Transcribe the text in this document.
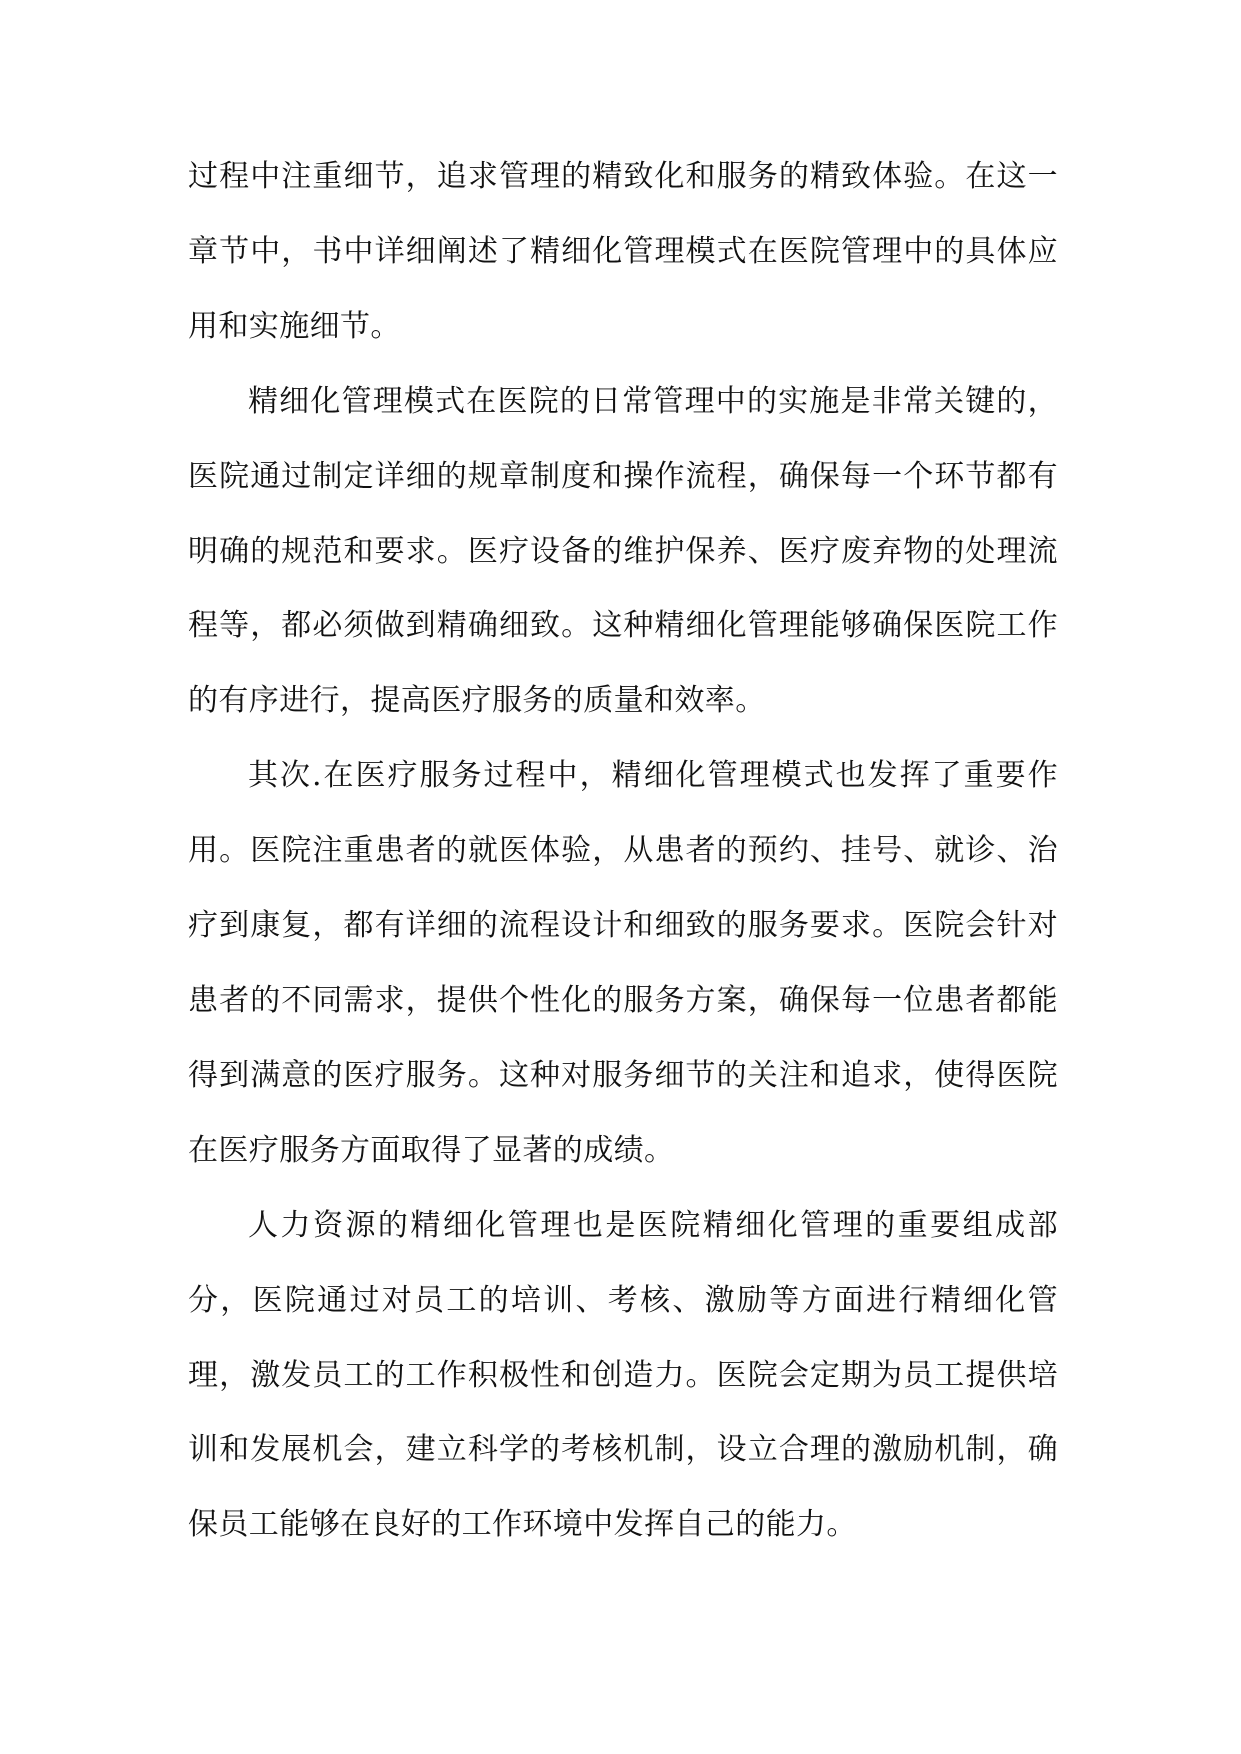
过程中注重细节，追求管理的精致化和服务的精致体验。在这一章节中，书中详细阐述了精细化管理模式在医院管理中的具体应用和实施细节。

精细化管理模式在医院的日常管理中的实施是非常关键的，医院通过制定详细的规章制度和操作流程，确保每一个环节都有明确的规范和要求。医疗设备的维护保养、医疗废弃物的处理流程等，都必须做到精确细致。这种精细化管理能够确保医院工作的有序进行，提高医疗服务的质量和效率。

其次.在医疗服务过程中，精细化管理模式也发挥了重要作用。医院注重患者的就医体验，从患者的预约、挂号、就诊、治疗到康复，都有详细的流程设计和细致的服务要求。医院会针对患者的不同需求，提供个性化的服务方案，确保每一位患者都能得到满意的医疗服务。这种对服务细节的关注和追求，使得医院在医疗服务方面取得了显著的成绩。

人力资源的精细化管理也是医院精细化管理的重要组成部分，医院通过对员工的培训、考核、激励等方面进行精细化管理，激发员工的工作积极性和创造力。医院会定期为员工提供培训和发展机会，建立科学的考核机制，设立合理的激励机制，确保员工能够在良好的工作环境中发挥自己的能力。
